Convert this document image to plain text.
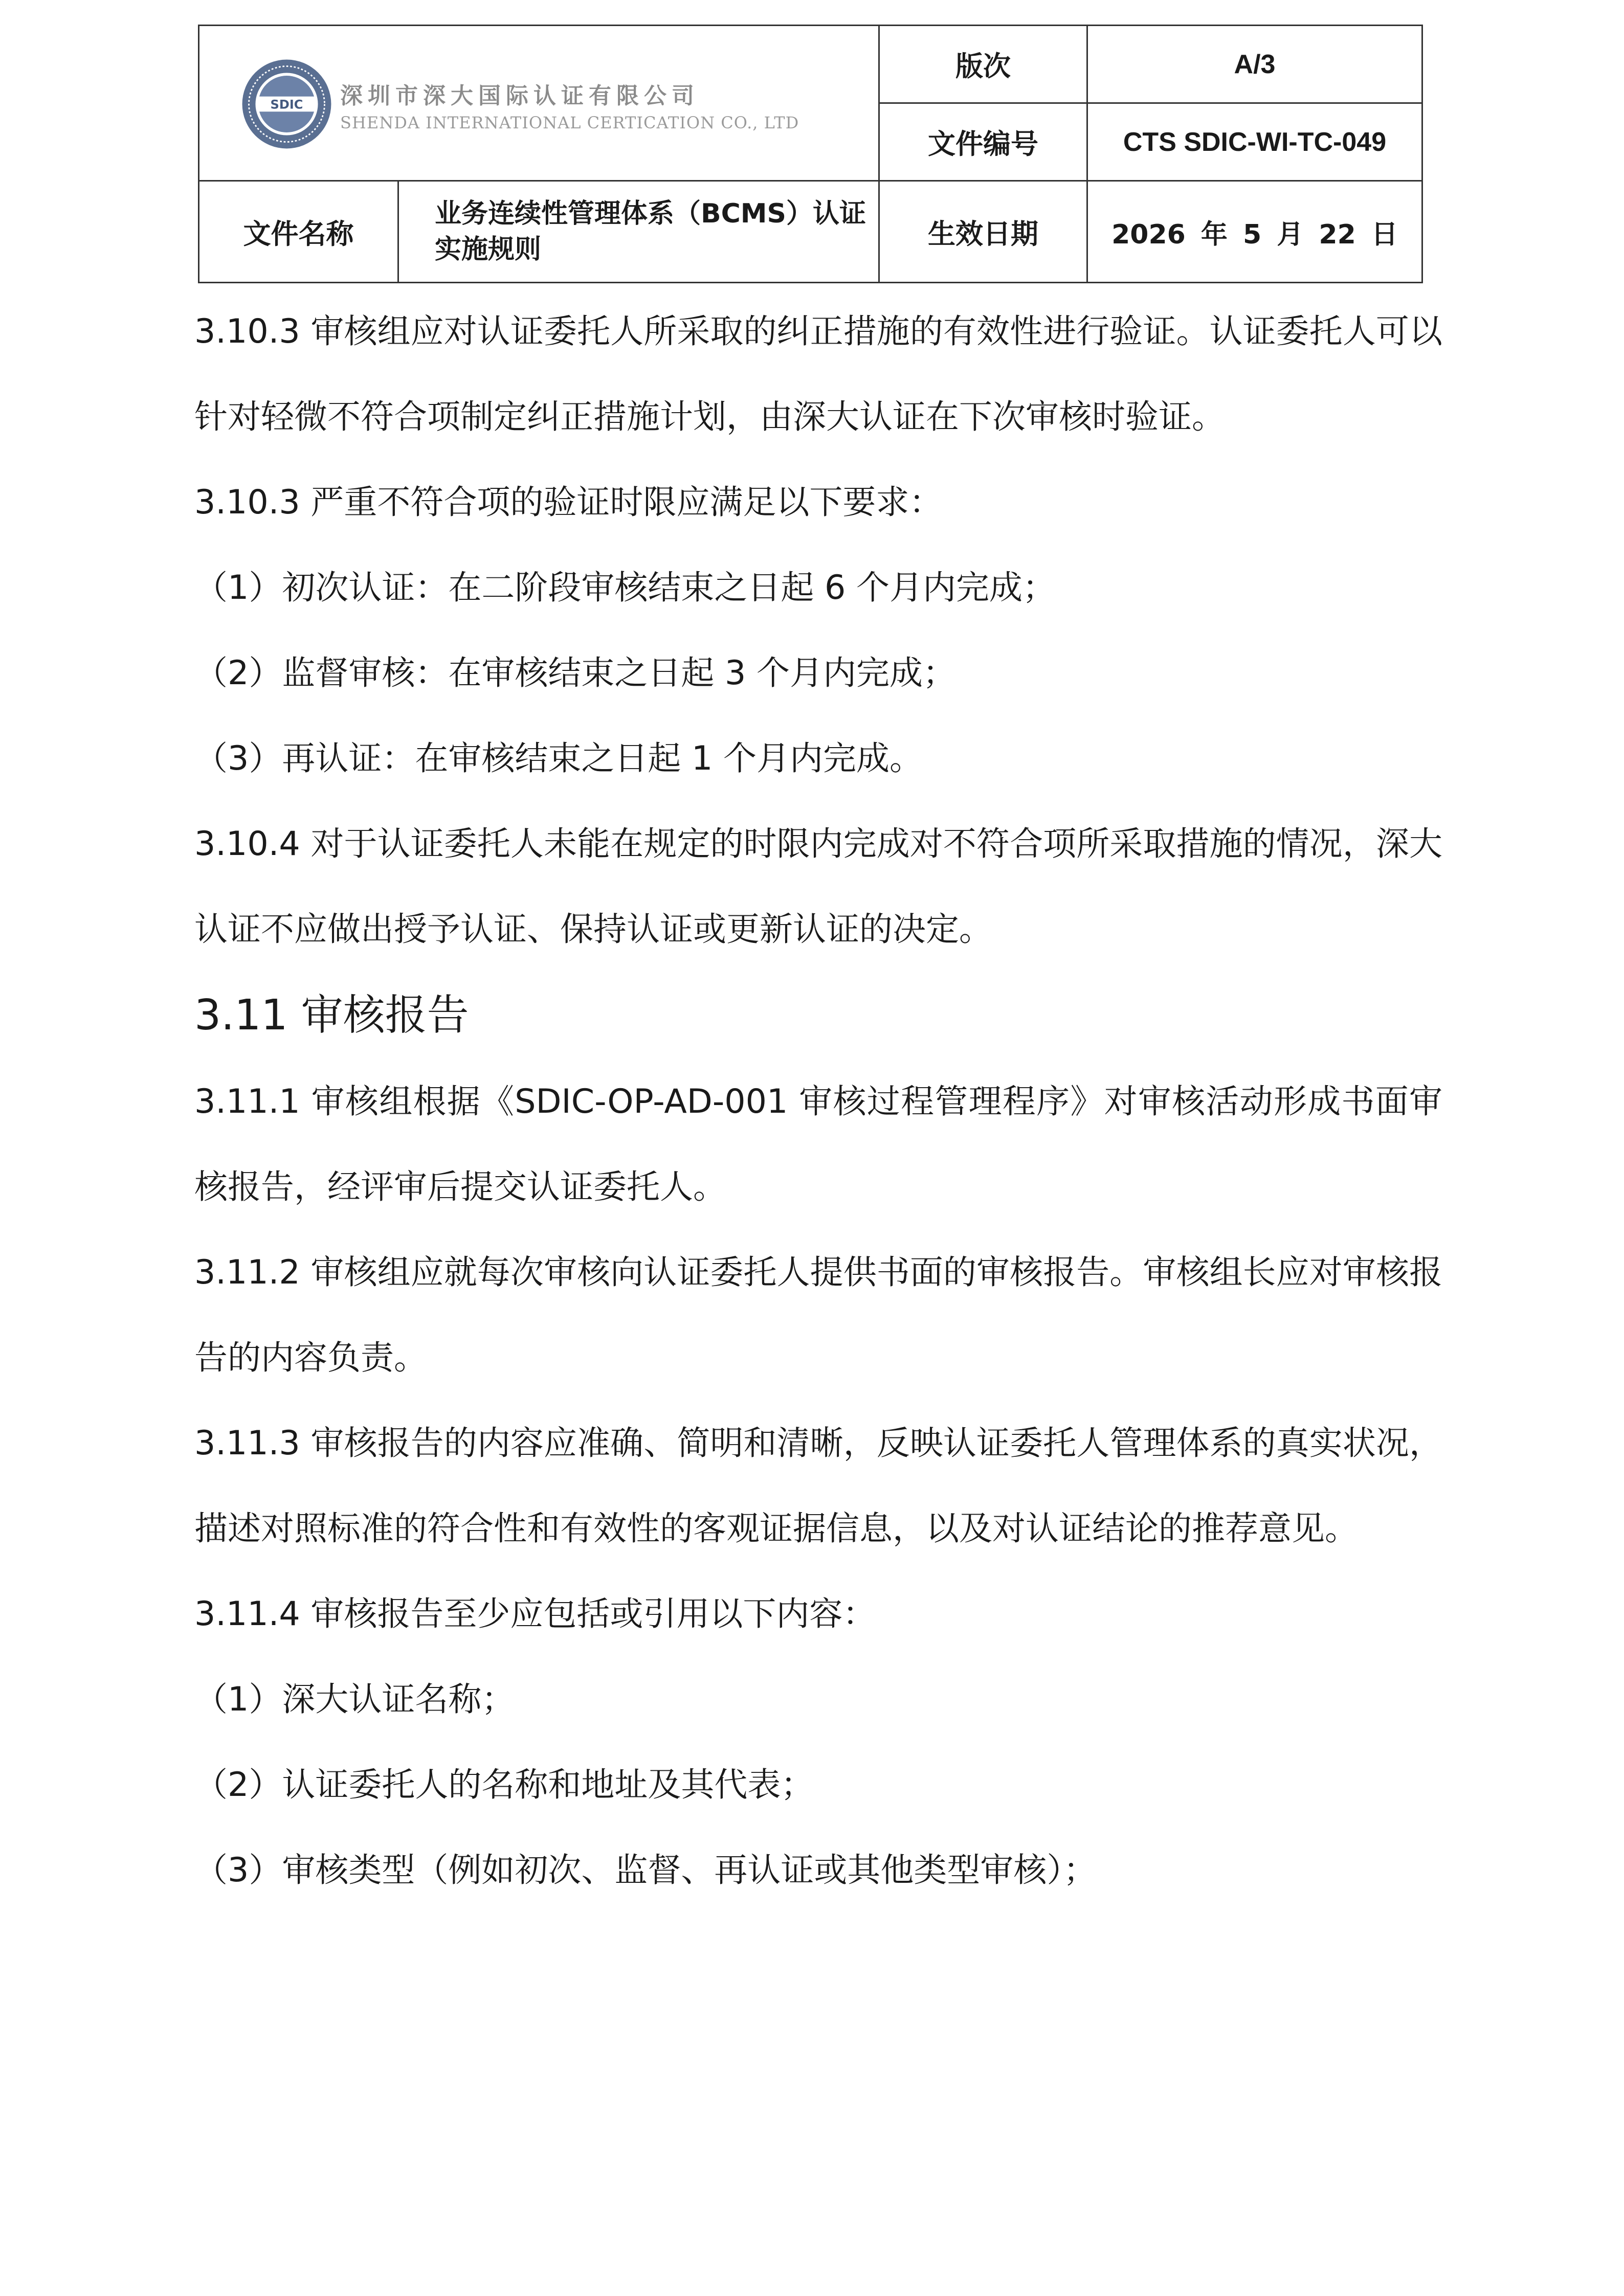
SDIC 深圳市深大国际认证有限公司
SHENDA INTERNATIONAL CERTICATION CO., LTD		版次	A/3
		文件编号	CTS SDIC-WI-TC-049
文件名称	业务连续性管理体系（BCMS）认证实施规则	生效日期	2026 年 5 月 22 日

3.10.3 审核组应对认证委托人所采取的纠正措施的有效性进行验证。认证委托人可以针对轻微不符合项制定纠正措施计划，由深大认证在下次审核时验证。

3.10.3 严重不符合项的验证时限应满足以下要求：

（1）初次认证：在二阶段审核结束之日起 6 个月内完成；

（2）监督审核：在审核结束之日起 3 个月内完成；

（3）再认证：在审核结束之日起 1 个月内完成。

3.10.4 对于认证委托人未能在规定的时限内完成对不符合项所采取措施的情况，深大认证不应做出授予认证、保持认证或更新认证的决定。

3.11 审核报告

3.11.1 审核组根据《SDIC-OP-AD-001 审核过程管理程序》对审核活动形成书面审核报告，经评审后提交认证委托人。

3.11.2 审核组应就每次审核向认证委托人提供书面的审核报告。审核组长应对审核报告的内容负责。

3.11.3 审核报告的内容应准确、简明和清晰，反映认证委托人管理体系的真实状况，描述对照标准的符合性和有效性的客观证据信息，以及对认证结论的推荐意见。

3.11.4 审核报告至少应包括或引用以下内容：

（1）深大认证名称；

（2）认证委托人的名称和地址及其代表；

（3）审核类型（例如初次、监督、再认证或其他类型审核）；
